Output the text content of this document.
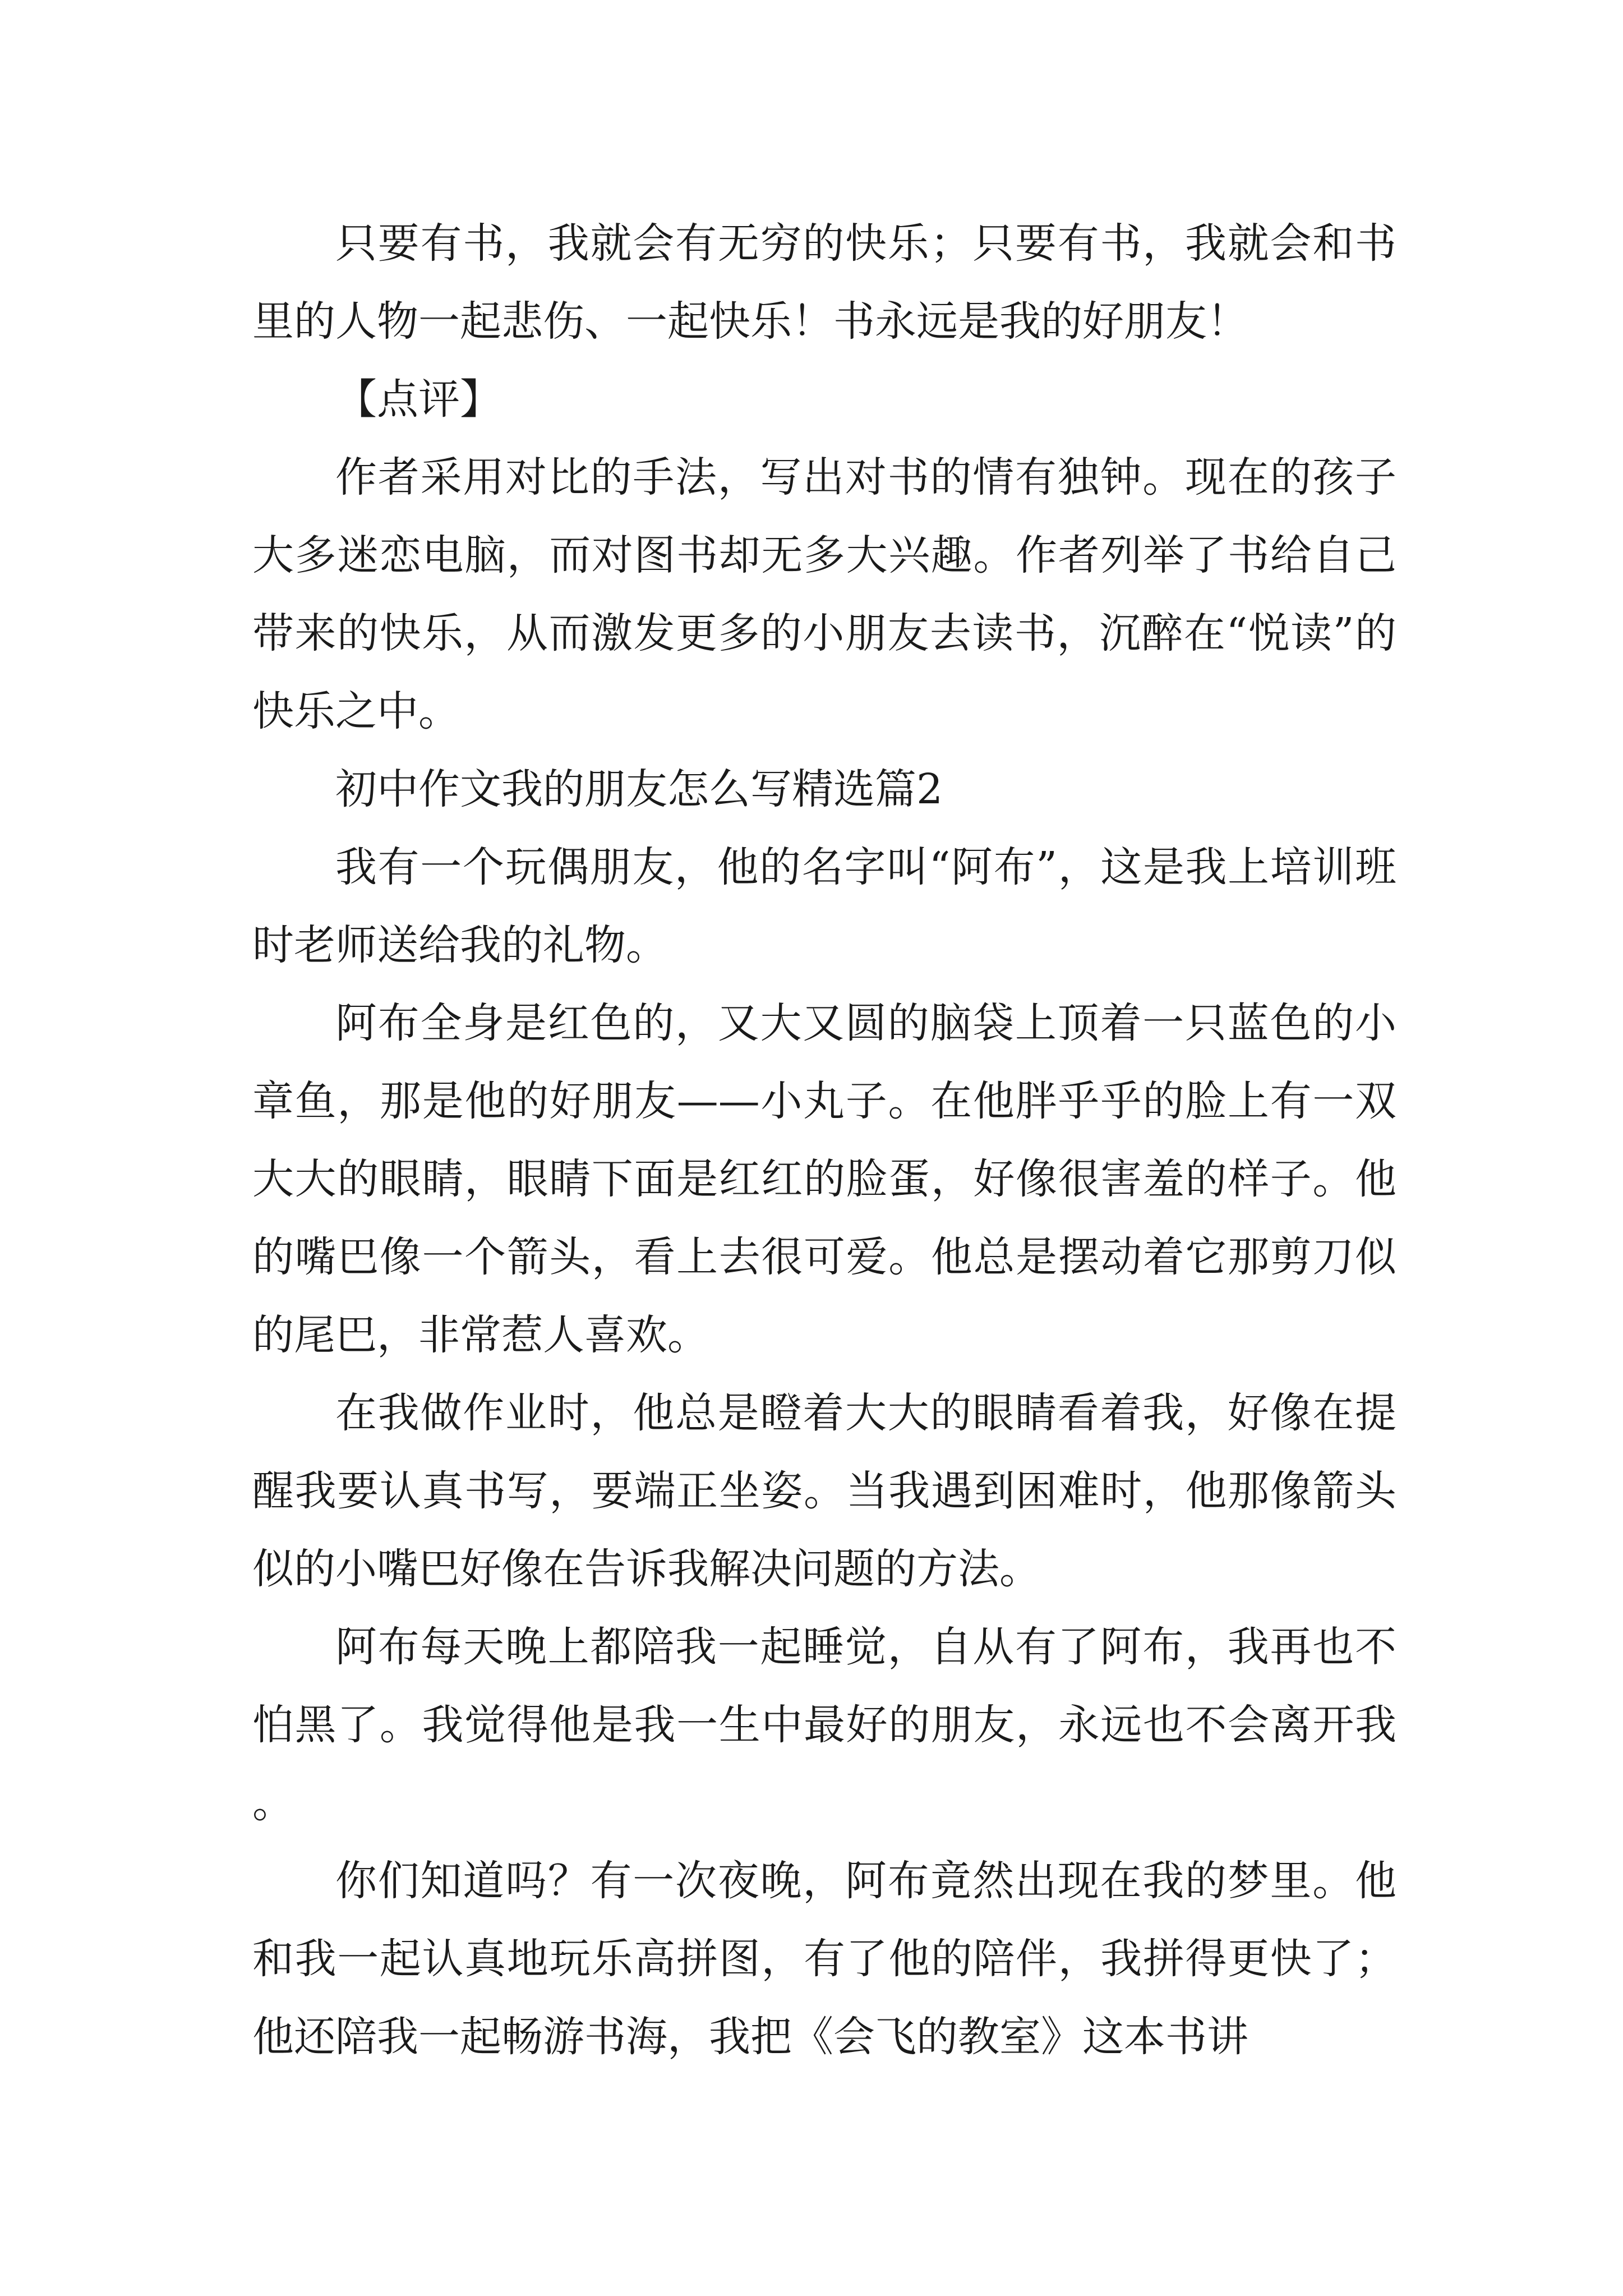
只要有书，我就会有无穷的快乐；只要有书，我就会和书里的人物一起悲伤、一起快乐！书永远是我的好朋友！

【点评】

作者采用对比的手法，写出对书的情有独钟。现在的孩子大多迷恋电脑，而对图书却无多大兴趣。作者列举了书给自己带来的快乐，从而激发更多的小朋友去读书，沉醉在“悦读”的快乐之中。

初中作文我的朋友怎么写精选篇2

我有一个玩偶朋友，他的名字叫“阿布”，这是我上培训班时老师送给我的礼物。

阿布全身是红色的，又大又圆的脑袋上顶着一只蓝色的小章鱼，那是他的好朋友——小丸子。在他胖乎乎的脸上有一双大大的眼睛，眼睛下面是红红的脸蛋，好像很害羞的样子。他的嘴巴像一个箭头，看上去很可爱。他总是摆动着它那剪刀似的尾巴，非常惹人喜欢。

在我做作业时，他总是瞪着大大的眼睛看着我，好像在提醒我要认真书写，要端正坐姿。当我遇到困难时，他那像箭头似的小嘴巴好像在告诉我解决问题的方法。

阿布每天晚上都陪我一起睡觉，自从有了阿布，我再也不怕黑了。我觉得他是我一生中最好的朋友，永远也不会离开我。

你们知道吗？有一次夜晚，阿布竟然出现在我的梦里。他和我一起认真地玩乐高拼图，有了他的陪伴，我拼得更快了；他还陪我一起畅游书海，我把《会飞的教室》这本书讲
